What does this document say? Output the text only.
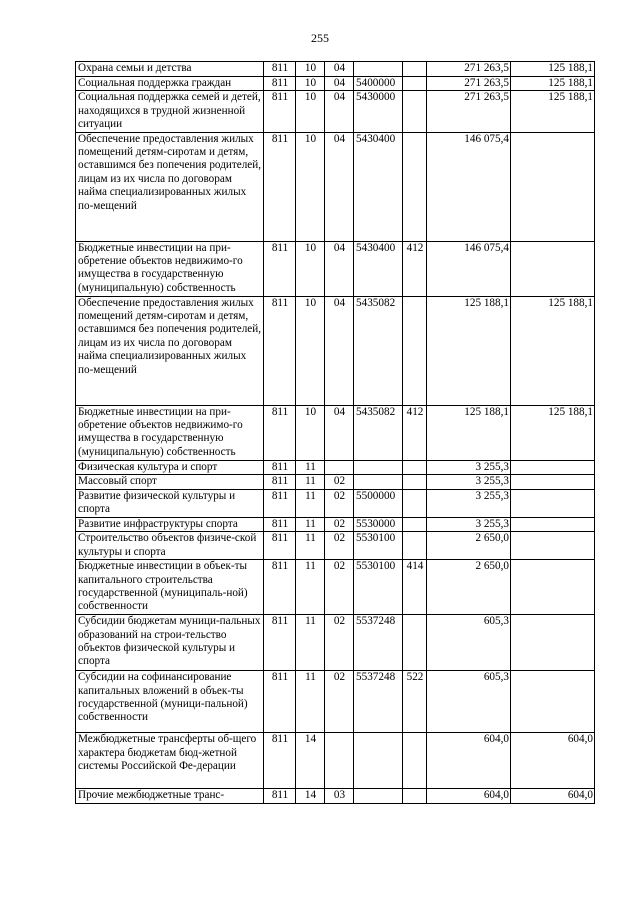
255
Охрана семьи и детства	811	10	04			271 263,5	125 188,1
Социальная поддержка граждан	811	10	04	5400000		271 263,5	125 188,1
Социальная поддержка семей и детей, находящихся в трудной жизненной ситуации	811	10	04	5430000		271 263,5	125 188,1
Обеспечение предоставления жилых помещений детям-сиротам и детям, оставшимся без попечения родителей, лицам из их числа по договорам найма специализированных жилых по-мещений	811	10	04	5430400		146 075,4	
Бюджетные инвестиции на при-обретение объектов недвижимо-го имущества в государственную (муниципальную) собственность	811	10	04	5430400	412	146 075,4	
Обеспечение предоставления жилых помещений детям-сиротам и детям, оставшимся без попечения родителей, лицам из их числа по договорам найма специализированных жилых по-мещений	811	10	04	5435082		125 188,1	125 188,1
Бюджетные инвестиции на при-обретение объектов недвижимо-го имущества в государственную (муниципальную) собственность	811	10	04	5435082	412	125 188,1	125 188,1
Физическая культура и спорт	811	11				3 255,3	
Массовый спорт	811	11	02			3 255,3	
Развитие физической культуры и спорта	811	11	02	5500000		3 255,3	
Развитие инфраструктуры спорта	811	11	02	5530000		3 255,3	
Строительство объектов физиче-ской культуры и спорта	811	11	02	5530100		2 650,0	
Бюджетные инвестиции в объек-ты капитального строительства государственной (муниципаль-ной) собственности	811	11	02	5530100	414	2 650,0	
Субсидии бюджетам муници-пальных образований на строи-тельство объектов физической культуры и спорта	811	11	02	5537248		605,3	
Субсидии на софинансирование капитальных вложений в объек-ты государственной (муници-пальной) собственности	811	11	02	5537248	522	605,3	
Межбюджетные трансферты об-щего характера бюджетам бюд-жетной системы Российской Фе-дерации	811	14				604,0	604,0
Прочие межбюджетные транс-	811	14	03			604,0	604,0
